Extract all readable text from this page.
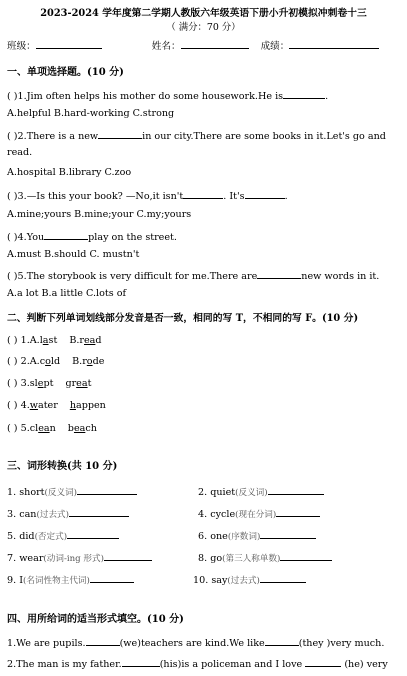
2023-2024 学年度第二学期人教版六年级英语下册小升初模拟冲刺卷十三
（ 满分：70 分）
班级：	姓名：	成绩：
一、单项选择题。(10 分)
( )1.Jim often helps his mother do some housework.He is	.
A.helpful B.hard-working C.strong
( )2.There is a new	in our city.There are some books in it.Let's go and
read.
A.hospital B.library C.zoo
( )3.—Is this your book? —No,it isn't	. It's	.
A.mine;yours B.mine;your C.my;yours
( )4.You	play on the street.
A.must B.should C. mustn't
( )5.The storybook is very difficult for me.There are	new words in it.
A.a lot B.a little C.lots of
二、判断下列单词划线部分发音是否一致，相同的写 T，不相同的写 F。(10 分)
( ) 1.A.last B.read
( ) 2.A.cold B.rode
( ) 3.slept great
( ) 4.water happen
( ) 5.clean beach
三、词形转换(共 10 分)
1. short(反义词)	2. quiet(反义词)
3. can(过去式)	4. cycle(现在分词)
5. did(否定式)	6. one(序数词)
7. wear(动词-ing 形式)	8. go(第三人称单数)
9. I(名词性物主代词)	10. say(过去式)
四、用所给词的适当形式填空。(10 分)
1.We are pupils.	(we)teachers are kind.We like	(they )very much.
2.The man is my father.	(his)is a policeman and I love	(he) very
